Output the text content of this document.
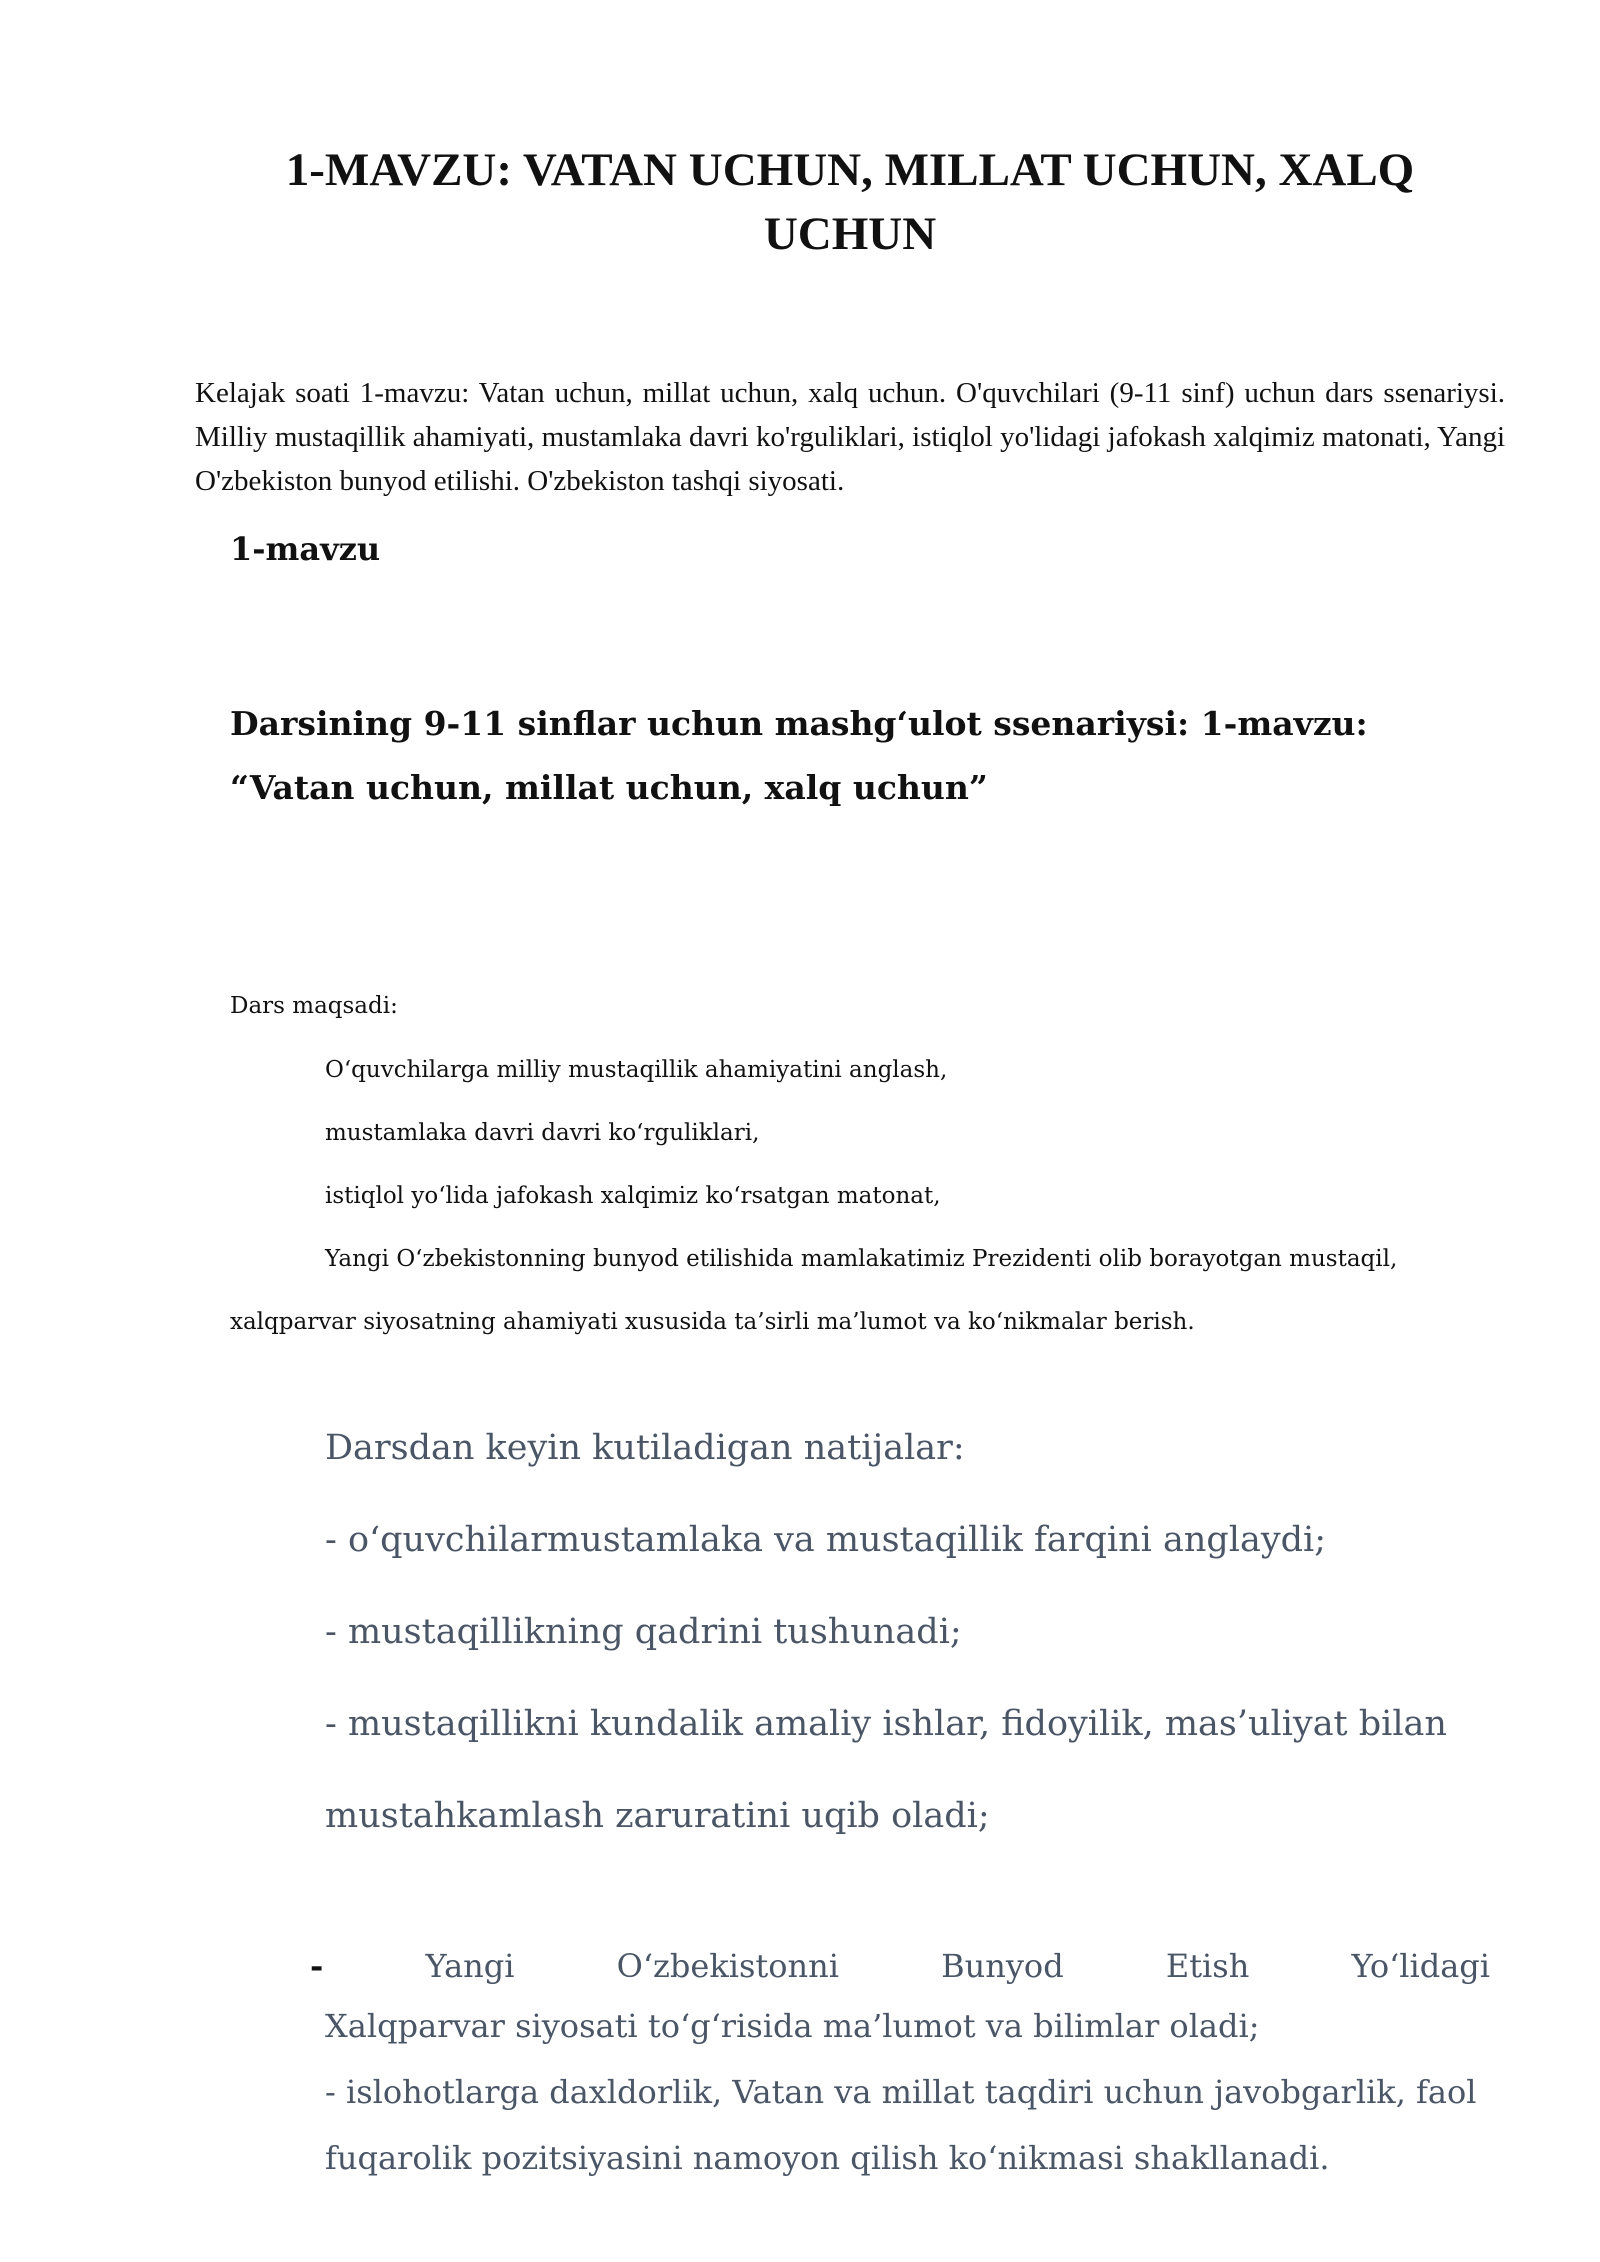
1-MAVZU: VATAN UCHUN, MILLAT UCHUN, XALQ
UCHUN

Kelajak soati 1-mavzu: Vatan uchun, millat uchun, xalq uchun. O'quvchilari (9-11 sinf) uchun dars ssenariysi. Milliy mustaqillik ahamiyati, mustamlaka davri ko'rguliklari, istiqlol yo'lidagi jafokash xalqimiz matonati, Yangi O'zbekiston bunyod etilishi. O'zbekiston tashqi siyosati.

1-mavzu
Darsining 9-11 sinflar uchun mashg‘ulot ssenariysi: 1-mavzu: “Vatan uchun, millat uchun, xalq uchun”
Dars maqsadi:
O‘quvchilarga milliy mustaqillik ahamiyatini anglash,
mustamlaka davri davri ko‘rguliklari,
istiqlol yo‘lida jafokash xalqimiz ko‘rsatgan matonat,
Yangi O‘zbekistonning bunyod etilishida mamlakatimiz Prezidenti olib borayotgan mustaqil,
xalqparvar siyosatning ahamiyati xususida ta’sirli ma’lumot va ko‘nikmalar berish.
Darsdan keyin kutiladigan natijalar:
- o‘quvchilarmustamlaka va mustaqillik farqini anglaydi;
- mustaqillikning qadrini tushunadi;
- mustaqillikni kundalik amaliy ishlar, fidoyilik, mas’uliyat bilan
mustahkamlash zaruratini uqib oladi;
-	Yangi	O‘zbekistonni	Bunyod	Etish	Yo‘lidagi
Xalqparvar siyosati to‘g‘risida ma’lumot va bilimlar oladi;
- islohotlarga daxldorlik, Vatan va millat taqdiri uchun javobgarlik, faol
fuqarolik pozitsiyasini namoyon qilish ko‘nikmasi shakllanadi.
